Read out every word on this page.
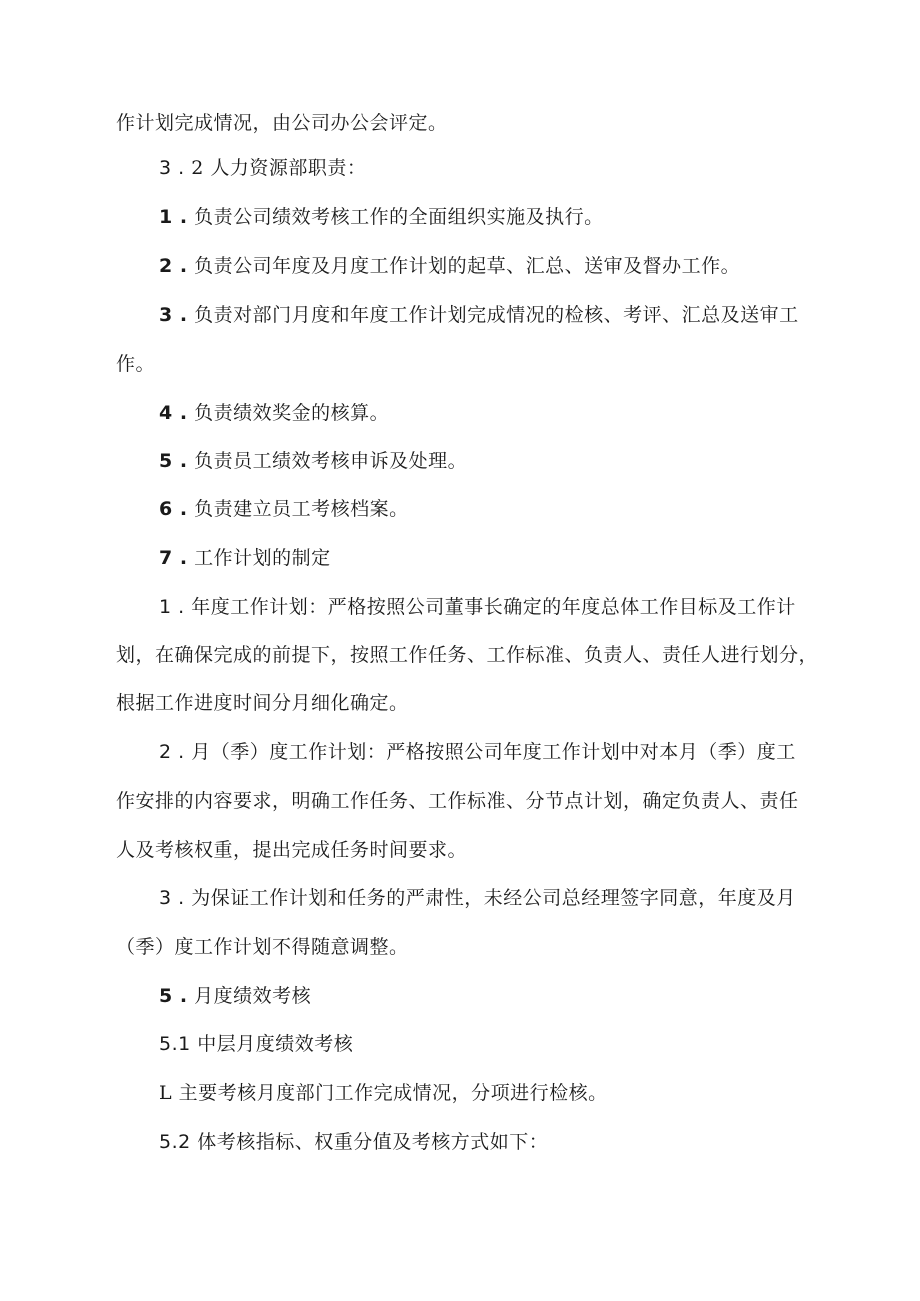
作计划完成情况，由公司办公会评定。
3 . 2 人力资源部职责：
1 . 负责公司绩效考核工作的全面组织实施及执行。
2 . 负责公司年度及月度工作计划的起草、汇总、送审及督办工作。
3 . 负责对部门月度和年度工作计划完成情况的检核、考评、汇总及送审工
作。
4 . 负责绩效奖金的核算。
5 . 负责员工绩效考核申诉及处理。
6 . 负责建立员工考核档案。
7 . 工作计划的制定
1 . 年度工作计划：严格按照公司董事长确定的年度总体工作目标及工作计
划，在确保完成的前提下，按照工作任务、工作标准、负责人、责任人进行划分，
根据工作进度时间分月细化确定。
2 . 月（季）度工作计划：严格按照公司年度工作计划中对本月（季）度工
作安排的内容要求，明确工作任务、工作标准、分节点计划，确定负责人、责任
人及考核权重，提出完成任务时间要求。
3 . 为保证工作计划和任务的严肃性，未经公司总经理签字同意，年度及月
（季）度工作计划不得随意调整。
5 . 月度绩效考核
5.1 中层月度绩效考核
L 主要考核月度部门工作完成情况，分项进行检核。
5.2 体考核指标、权重分值及考核方式如下：
